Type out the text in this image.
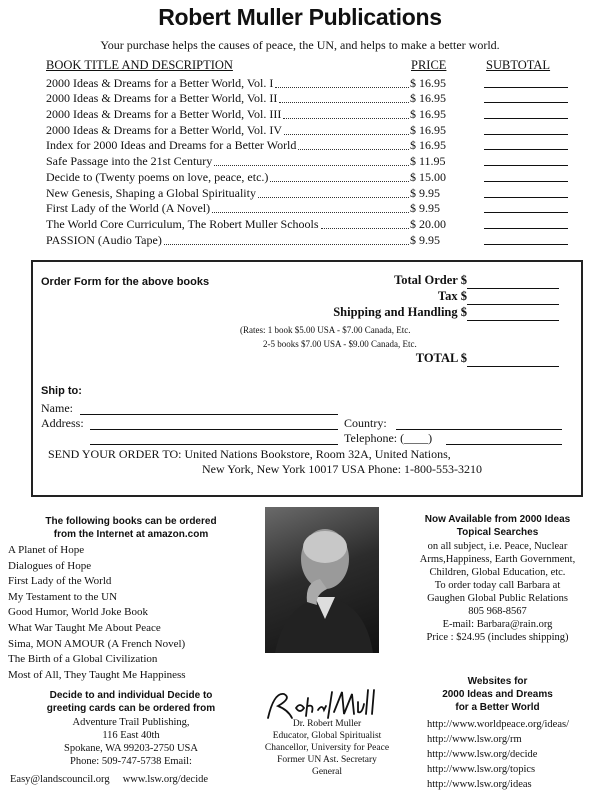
Robert Muller Publications
Your purchase helps the causes of peace, the UN, and helps to make a better world.
BOOK TITLE AND DESCRIPTION	PRICE	SUBTOTAL
2000 Ideas & Dreams for a Better World, Vol. I	$ 16.95
2000 Ideas & Dreams for a Better World, Vol. II	$ 16.95
2000 Ideas & Dreams for a Better World, Vol. III	$ 16.95
2000 Ideas & Dreams for a Better World, Vol. IV	$ 16.95
Index for 2000 Ideas and Dreams for a Better World	$ 16.95
Safe Passage into the 21st Century	$ 11.95
Decide to (Twenty poems on love, peace, etc.)	$ 15.00
New Genesis, Shaping a Global Spirituality	$ 9.95
First Lady of the World (A Novel)	$ 9.95
The World Core Curriculum, The Robert Muller Schools	$ 20.00
PASSION (Audio Tape)	$ 9.95
Order Form for the above books	Total Order $
Tax $
Shipping and Handling $
(Rates: 1 book $5.00 USA - $7.00 Canada, Etc.
2-5 books $7.00 USA - $9.00 Canada, Etc.
TOTAL $
Ship to:
Name:
Address:	Country:
Telephone: (____)
SEND YOUR ORDER TO: United Nations Bookstore, Room 32A, United Nations,
New York, New York 10017 USA Phone: 1-800-553-3210
The following books can be ordered
from the Internet at amazon.com
A Planet of Hope
Dialogues of Hope
First Lady of the World
My Testament to the UN
Good Humor, World Joke Book
What War Taught Me About Peace
Sima, MON AMOUR (A French Novel)
The Birth of a Global Civilization
Most of All, They Taught Me Happiness
Decide to and individual Decide to
greeting cards can be ordered from
Adventure Trail Publishing,
116 East 40th
Spokane, WA 99203-2750 USA
Phone: 509-747-5738 Email:
Easy@landscouncil.org     www.lsw.org/decide
Dr. Robert Muller
Educator, Global Spiritualist
Chancellor, University for Peace
Former UN Ast. Secretary General
Now Available from 2000 Ideas
Topical Searches
on all subject, i.e. Peace, Nuclear
Arms,Happiness, Earth Government,
Children, Global Education, etc.
To order today call Barbara at
Gaughen Global Public Relations
805 968-8567
E-mail: Barbara@rain.org
Price : $24.95 (includes shipping)
Websites for
2000 Ideas and Dreams
for a Better World
http://www.worldpeace.org/ideas/
http://www.lsw.org/rm
http://www.lsw.org/decide
http://www.lsw.org/topics
http://www.lsw.org/ideas
